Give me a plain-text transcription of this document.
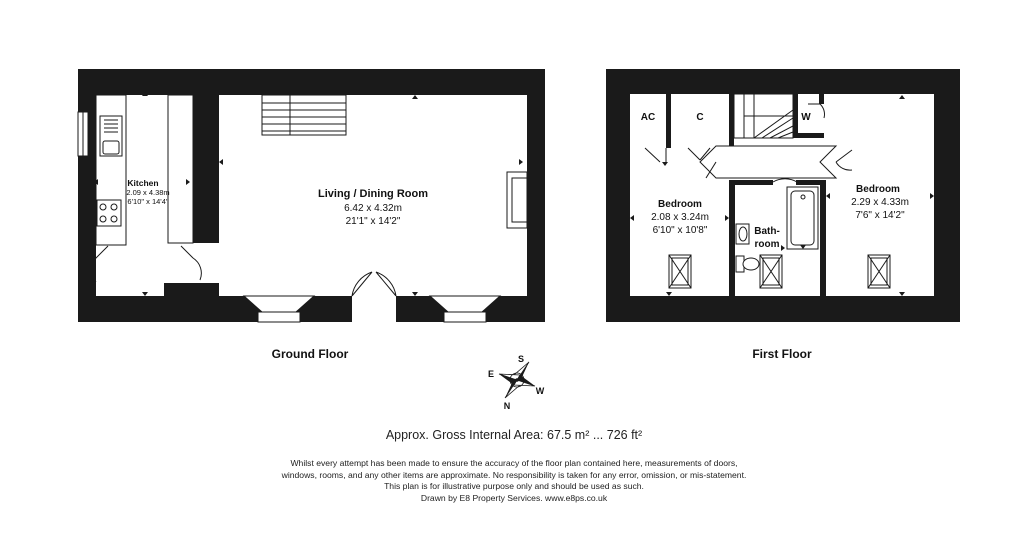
Kitchen
2.09 x 4.38m
6'10" x 14'4"
Living / Dining Room
6.42 x 4.32m
21'1" x 14'2"
Ground Floor
AC	C	W
Bedroom
2.08 x 3.24m
6'10" x 10'8"	Bath-
room
Bedroom
2.29 x 4.33m
7'6" x 14'2"
First Floor
S
E
W
N
Approx. Gross Internal Area: 67.5 m² ... 726 ft²
Whilst every attempt has been made to ensure the accuracy of the floor plan contained here, measurements of doors,
windows, rooms, and any other items are approximate. No responsibility is taken for any error, omission, or mis-statement.
This plan is for illustrative purpose only and should be used as such.
Drawn by E8 Property Services. www.e8ps.co.uk
